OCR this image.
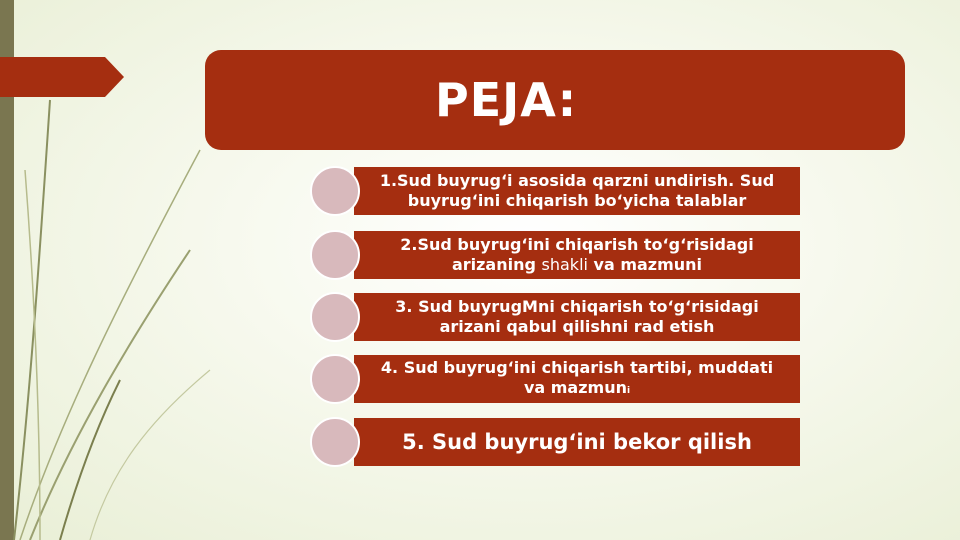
PEJA:
1.Sud buyrug‘i asosida qarzni undirish. Sud
buyrug‘ini chiqarish bo‘yicha talablar
2.Sud buyrug‘ini chiqarish to‘g‘risidagi
arizaning shakli va mazmuni
3. Sud buyrugMni chiqarish to‘g‘risidagi
arizani qabul qilishni rad etish
4. Sud buyrug‘ini chiqarish tartibi, muddati
va mazmuni
5. Sud buyrug‘ini bekor qilish
